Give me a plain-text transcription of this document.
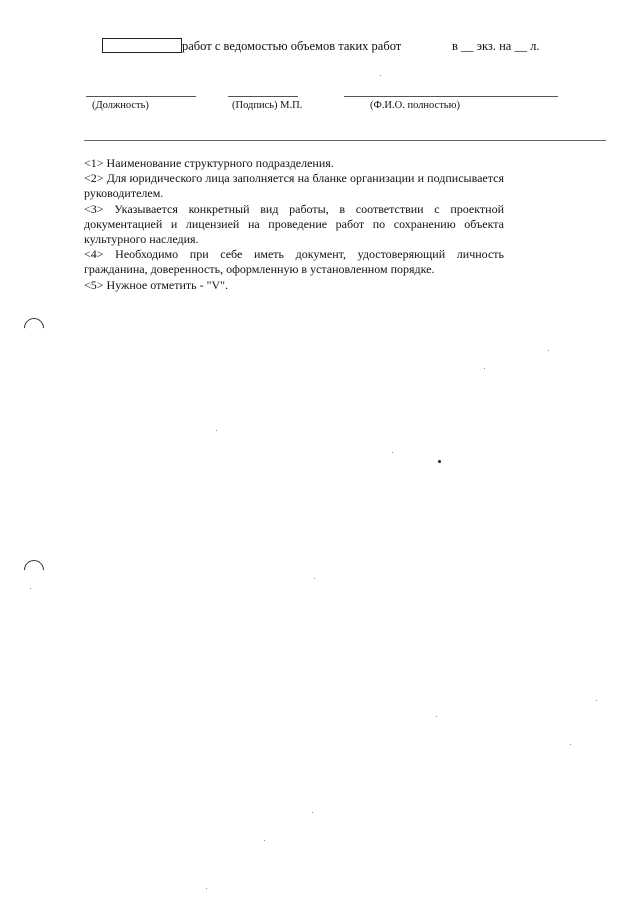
работ с ведомостью объемов таких работ	в __ экз. на __ л.
(Должность)	(Подпись) М.П.	(Ф.И.О. полностью)

<1> Наименование структурного подразделения.

<2> Для юридического лица заполняется на бланке организации и подписывается руководителем.

<3> Указывается конкретный вид работы, в соответствии с проектной документацией и лицензией на проведение работ по сохранению объекта культурного наследия.

<4> Необходимо при себе иметь документ, удостоверяющий личность гражданина, доверенность, оформленную в установленном порядке.

<5> Нужное отметить - "V".
